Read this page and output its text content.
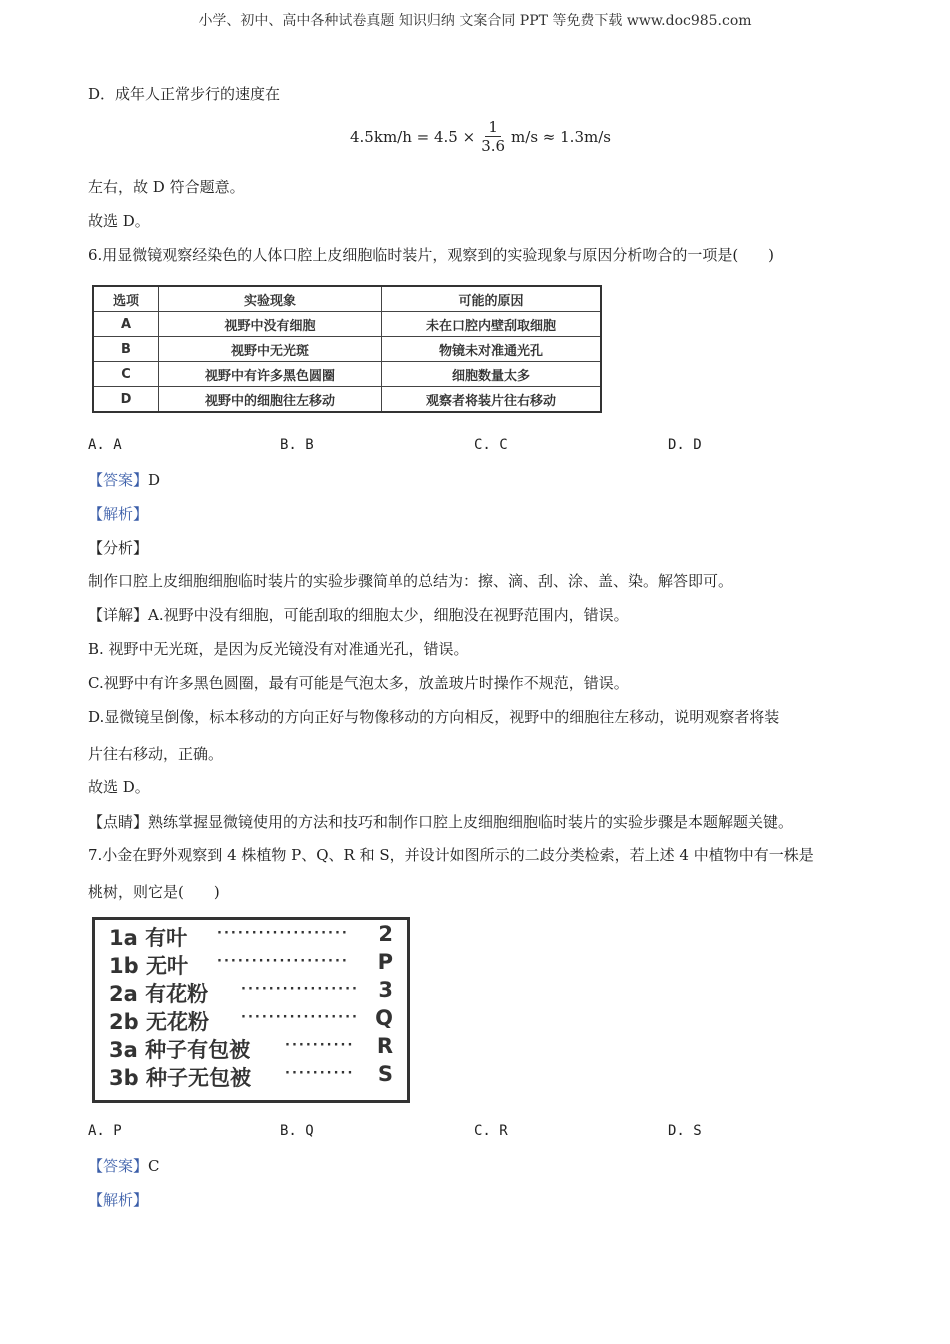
小学、初中、高中各种试卷真题 知识归纳 文案合同 PPT 等免费下载 www.doc985.com
D．成年人正常步行的速度在
$4.5km/h = 4.5 \times \frac{1}{3.6} m/s \approx 1.3m/s$
左右，故 D 符合题意。
故选 D。
6.用显微镜观察经染色的人体口腔上皮细胞临时装片，观察到的实验现象与原因分析吻合的一项是(　　)
选项	实验现象	可能的原因
A	视野中没有细胞	未在口腔内壁刮取细胞
B	视野中无光斑	物镜未对准通光孔
C	视野中有许多黑色圆圈	细胞数量太多
D	视野中的细胞往左移动	观察者将装片往右移动
A. A	B. B	C. C	D. D
【答案】D
【解析】
【分析】
制作口腔上皮细胞细胞临时装片的实验步骤简单的总结为：擦、滴、刮、涂、盖、染。解答即可。
【详解】A.视野中没有细胞，可能刮取的细胞太少，细胞没在视野范围内，错误。
B. 视野中无光斑，是因为反光镜没有对准通光孔，错误。
C.视野中有许多黑色圆圈，最有可能是气泡太多，放盖玻片时操作不规范，错误。
D.显微镜呈倒像，标本移动的方向正好与物像移动的方向相反，视野中的细胞往左移动，说明观察者将装
片往右移动，正确。
故选 D。
【点睛】熟练掌握显微镜使用的方法和技巧和制作口腔上皮细胞细胞临时装片的实验步骤是本题解题关键。
7.小金在野外观察到 4 株植物 P、Q、R 和 S，并设计如图所示的二歧分类检索，若上述 4 中植物中有一株是
桃树，则它是(　　)
1a 有叶 ··················· 2
1b 无叶 ··················· P
2a 有花粉	················· 3
2b 无花粉 ················· Q
3a 种子有包被	·········· R
3b 种子无包被	·········· S
A. P	B. Q	C. R	D. S
【答案】C
【解析】
